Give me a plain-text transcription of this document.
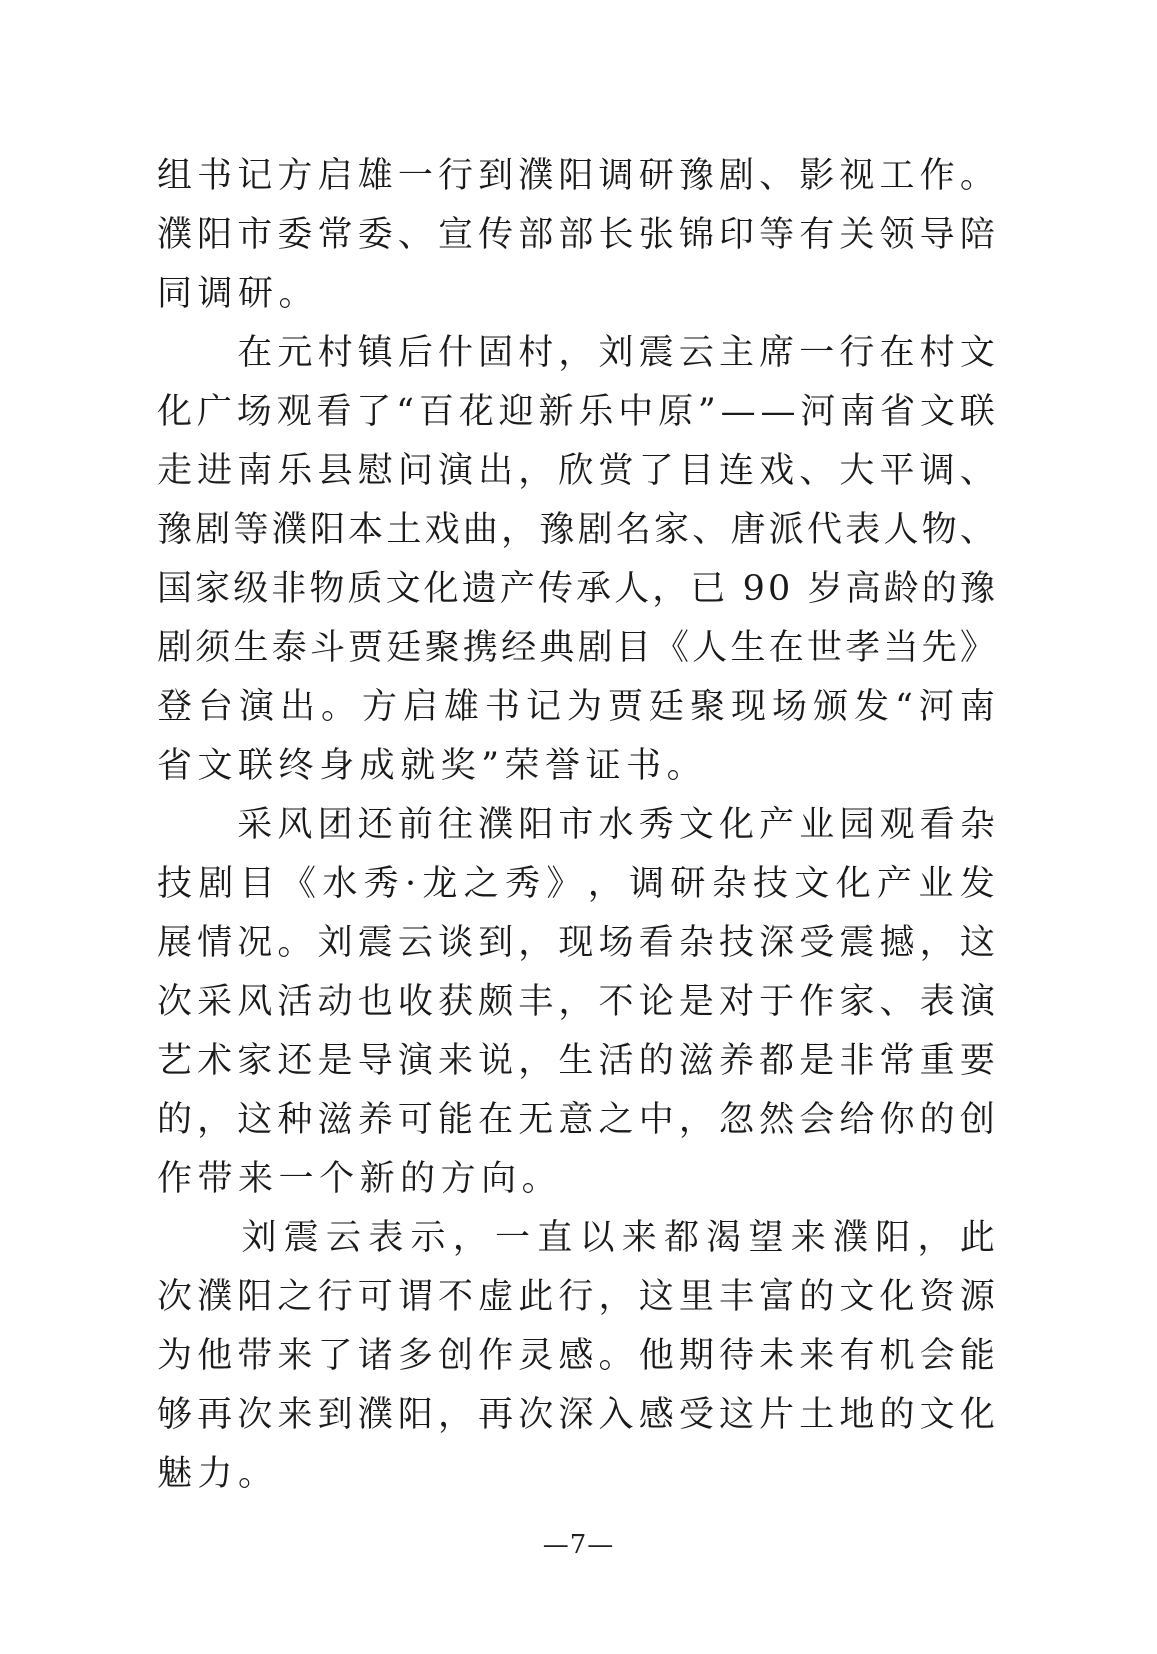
组 书 记 方 启 雄 一 行 到 濮 阳 调 研 豫 剧 、 影 视 工 作 。
濮 阳 市 委 常 委 、 宣 传 部 部 长 张 锦 印 等 有 关 领 导 陪
同 调 研 。

在 元 村 镇 后 什 固 村 ， 刘 震 云 主 席 一 行 在 村 文
化 广 场 观 看 了 “ 百 花 迎 新 乐 中 原 ” — — 河 南 省 文 联
走 进 南 乐 县 慰 问 演 出 ， 欣 赏 了 目 连 戏 、 大 平 调 、
豫 剧 等 濮 阳 本 土 戏 曲 ， 豫 剧 名 家 、 唐 派 代 表 人 物 、
国 家 级 非 物 质 文 化 遗 产 传 承 人 ， 已
9 0
岁 高 龄 的 豫
剧 须 生 泰 斗 贾 廷 聚 携 经 典 剧 目 《 人 生 在 世 孝 当 先 》
登 台 演 出 。 方 启 雄 书 记 为 贾 廷 聚 现 场 颁 发 “ 河 南
省 文 联 终 身 成 就 奖 ” 荣 誉 证 书 。

采 风 团 还 前 往 濮 阳 市 水 秀 文 化 产 业 园 观 看 杂
技 剧 目 《 水 秀 · 龙 之 秀 》 ， 调 研 杂 技 文 化 产 业 发
展 情 况 。 刘 震 云 谈 到 ， 现 场 看 杂 技 深 受 震 撼 ， 这
次 采 风 活 动 也 收 获 颇 丰 ， 不 论 是 对 于 作 家 、 表 演
艺 术 家 还 是 导 演 来 说 ， 生 活 的 滋 养 都 是 非 常 重 要
的 ， 这 种 滋 养 可 能 在 无 意 之 中 ， 忽 然 会 给 你 的 创
作 带 来 一 个 新 的 方 向 。

刘 震 云 表 示 ， 一 直 以 来 都 渴 望 来 濮 阳 ， 此
次 濮 阳 之 行 可 谓 不 虚 此 行 ， 这 里 丰 富 的 文 化 资 源
为 他 带 来 了 诸 多 创 作 灵 感 。 他 期 待 未 来 有 机 会 能
够 再 次 来 到 濮 阳 ， 再 次 深 入 感 受 这 片 土 地 的 文 化
魅 力 。
—7—
